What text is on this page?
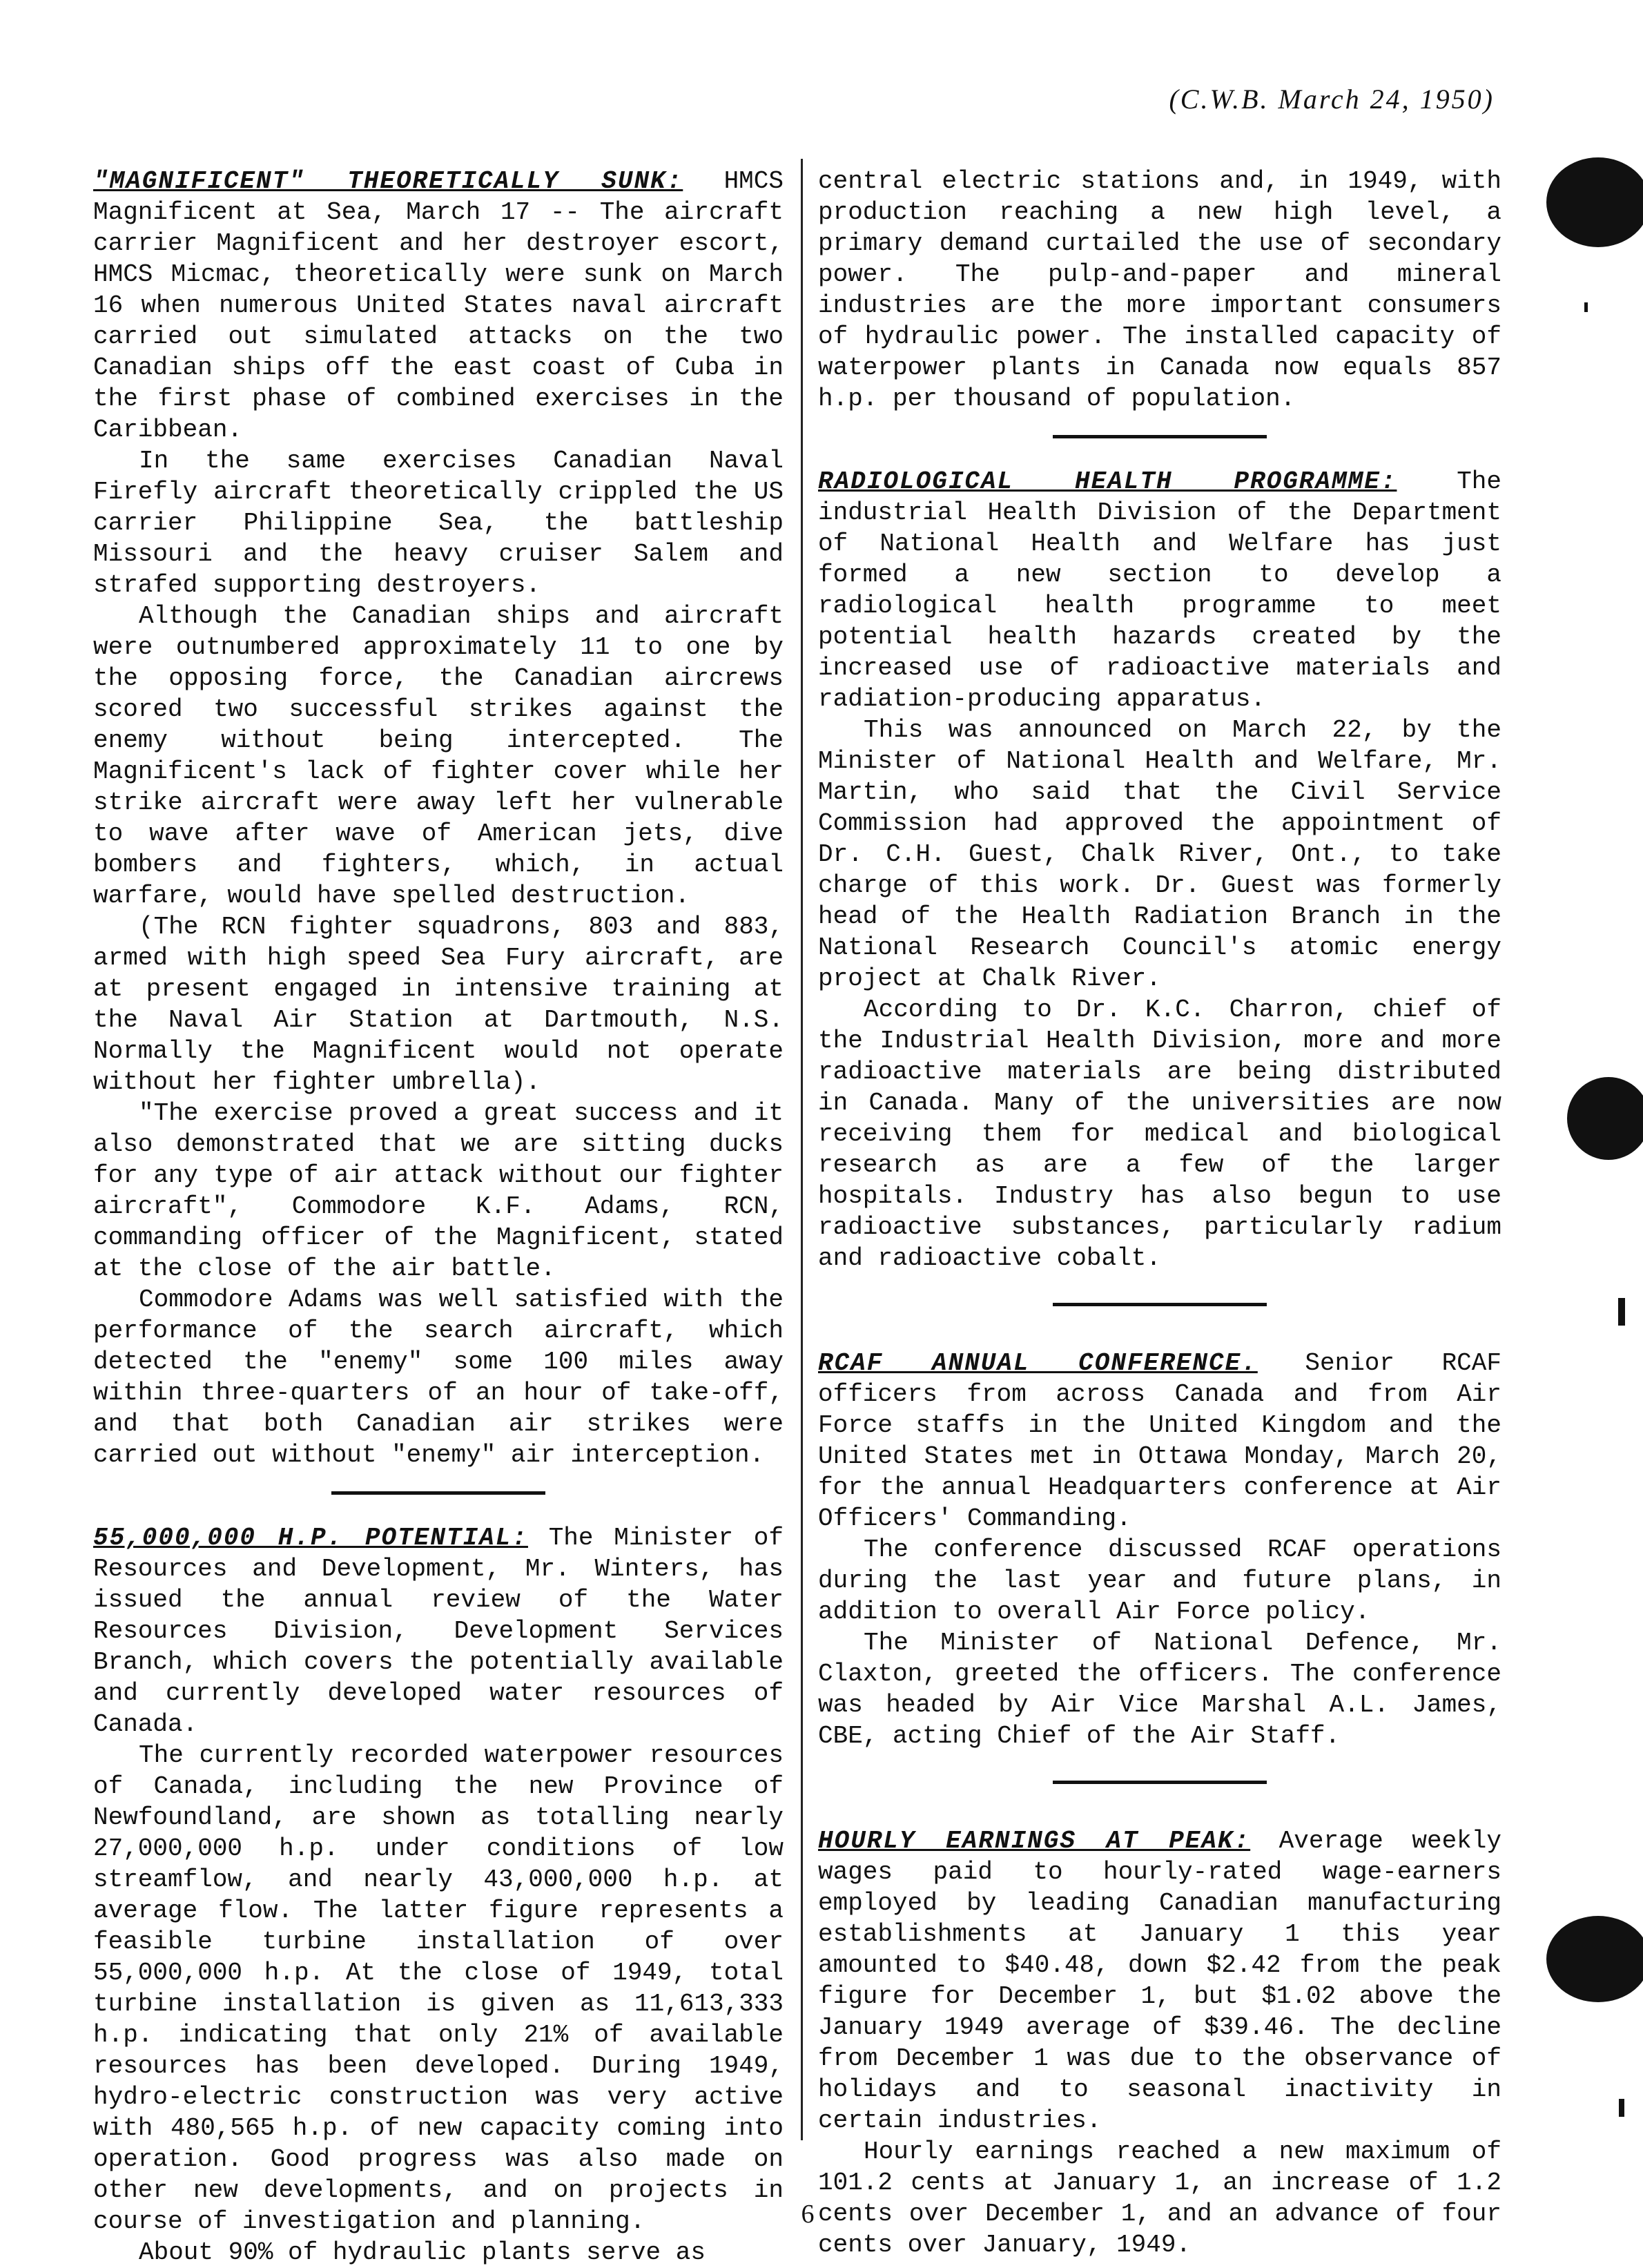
(C.W.B. March 24, 1950)

"MAGNIFICENT" THEORETICALLY SUNK: HMCS Magnificent at Sea, March 17 -- The aircraft carrier Magnificent and her destroyer escort, HMCS Micmac, theoretically were sunk on March 16 when numerous United States naval aircraft carried out simulated attacks on the two Canadian ships off the east coast of Cuba in the first phase of combined exercises in the Caribbean.

In the same exercises Canadian Naval Firefly aircraft theoretically crippled the US carrier Philippine Sea, the battleship Missouri and the heavy cruiser Salem and strafed supporting destroyers.

Although the Canadian ships and aircraft were outnumbered approximately 11 to one by the opposing force, the Canadian aircrews scored two successful strikes against the enemy without being intercepted. The Magnificent's lack of fighter cover while her strike aircraft were away left her vulnerable to wave after wave of American jets, dive bombers and fighters, which, in actual warfare, would have spelled destruction.

(The RCN fighter squadrons, 803 and 883, armed with high speed Sea Fury aircraft, are at present engaged in intensive training at the Naval Air Station at Dartmouth, N.S. Normally the Magnificent would not operate without her fighter umbrella).

"The exercise proved a great success and it also demonstrated that we are sitting ducks for any type of air attack without our fighter aircraft", Commodore K.F. Adams, RCN, commanding officer of the Magnificent, stated at the close of the air battle.

Commodore Adams was well satisfied with the performance of the search aircraft, which detected the "enemy" some 100 miles away within three-quarters of an hour of take-off, and that both Canadian air strikes were carried out without "enemy" air interception.

55,000,000 H.P. POTENTIAL: The Minister of Resources and Development, Mr. Winters, has issued the annual review of the Water Resources Division, Development Services Branch, which covers the potentially available and currently developed water resources of Canada.

The currently recorded waterpower resources of Canada, including the new Province of Newfoundland, are shown as totalling nearly 27,000,000 h.p. under conditions of low streamflow, and nearly 43,000,000 h.p. at average flow. The latter figure represents a feasible turbine installation of over 55,000,000 h.p. At the close of 1949, total turbine installation is given as 11,613,333 h.p. indicating that only 21% of available resources has been developed. During 1949, hydro-electric construction was very active with 480,565 h.p. of new capacity coming into operation. Good progress was also made on other new developments, and on projects in course of investigation and planning.

About 90% of hydraulic plants serve as

central electric stations and, in 1949, with production reaching a new high level, a primary demand curtailed the use of secondary power. The pulp-and-paper and mineral industries are the more important consumers of hydraulic power. The installed capacity of waterpower plants in Canada now equals 857 h.p. per thousand of population.

RADIOLOGICAL HEALTH PROGRAMME: The industrial Health Division of the Department of National Health and Welfare has just formed a new section to develop a radiological health programme to meet potential health hazards created by the increased use of radioactive materials and radiation-producing apparatus.

This was announced on March 22, by the Minister of National Health and Welfare, Mr. Martin, who said that the Civil Service Commission had approved the appointment of Dr. C.H. Guest, Chalk River, Ont., to take charge of this work. Dr. Guest was formerly head of the Health Radiation Branch in the National Research Council's atomic energy project at Chalk River.

According to Dr. K.C. Charron, chief of the Industrial Health Division, more and more radioactive materials are being distributed in Canada. Many of the universities are now receiving them for medical and biological research as are a few of the larger hospitals. Industry has also begun to use radioactive substances, particularly radium and radioactive cobalt.

RCAF ANNUAL CONFERENCE. Senior RCAF officers from across Canada and from Air Force staffs in the United Kingdom and the United States met in Ottawa Monday, March 20, for the annual Headquarters conference at Air Officers' Commanding.

The conference discussed RCAF operations during the last year and future plans, in addition to overall Air Force policy.

The Minister of National Defence, Mr. Claxton, greeted the officers. The conference was headed by Air Vice Marshal A.L. James, CBE, acting Chief of the Air Staff.

HOURLY EARNINGS AT PEAK: Average weekly wages paid to hourly-rated wage-earners employed by leading Canadian manufacturing establishments at January 1 this year amounted to $40.48, down $2.42 from the peak figure for December 1, but $1.02 above the January 1949 average of $39.46. The decline from December 1 was due to the observance of holidays and to seasonal inactivity in certain industries.

Hourly earnings reached a new maximum of 101.2 cents at January 1, an increase of 1.2 cents over December 1, and an advance of four cents over January, 1949.

6
